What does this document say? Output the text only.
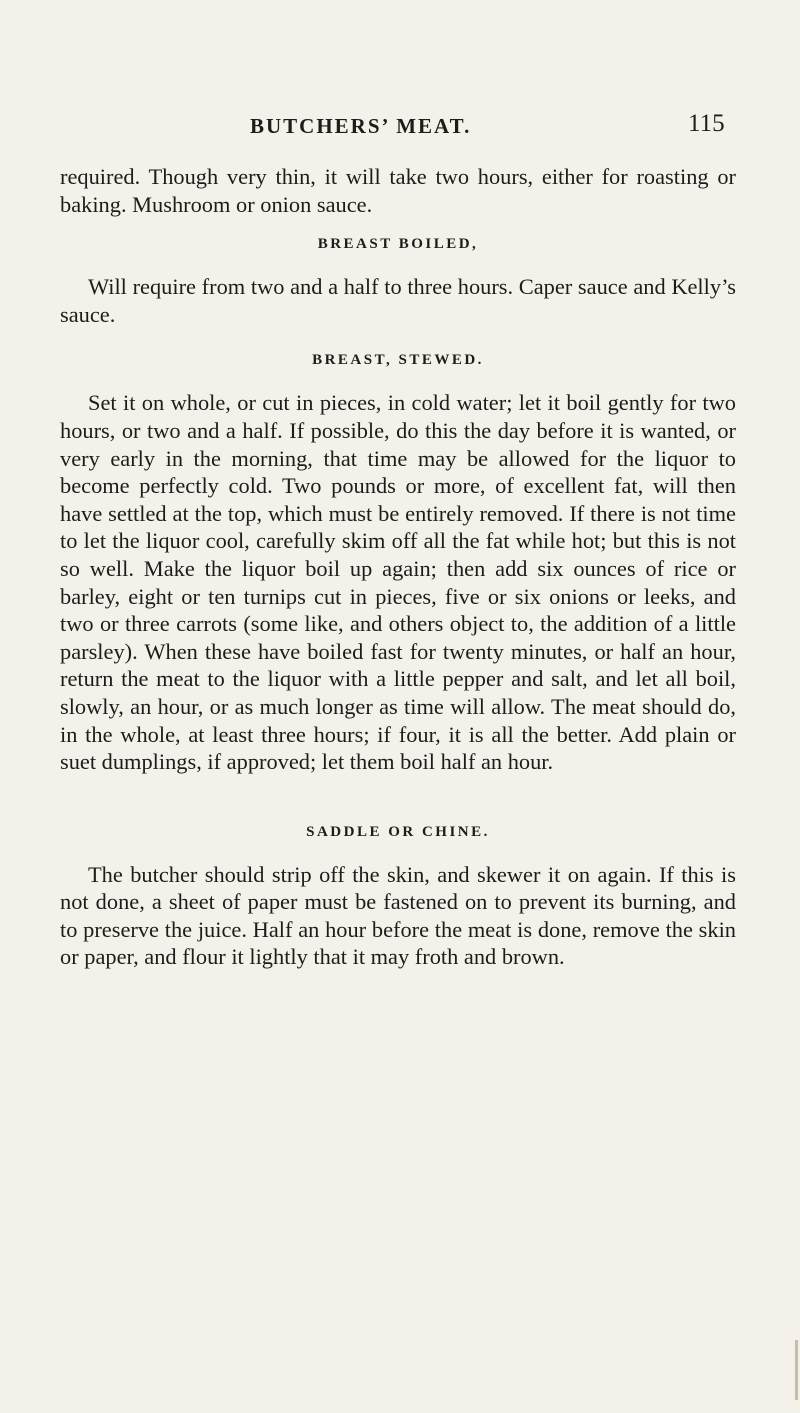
BUTCHERS’ MEAT.	115

required. Though very thin, it will take two hours, either for roasting or baking. Mushroom or onion sauce.

BREAST BOILED,

Will require from two and a half to three hours. Caper sauce and Kelly’s sauce.

BREAST, STEWED.

Set it on whole, or cut in pieces, in cold water; let it boil gently for two hours, or two and a half. If possible, do this the day before it is wanted, or very early in the morning, that time may be allowed for the liquor to become perfectly cold. Two pounds or more, of excellent fat, will then have settled at the top, which must be entirely removed. If there is not time to let the liquor cool, carefully skim off all the fat while hot; but this is not so well. Make the liquor boil up again; then add six ounces of rice or barley, eight or ten turnips cut in pieces, five or six onions or leeks, and two or three carrots (some like, and others object to, the addition of a little parsley). When these have boiled fast for twenty minutes, or half an hour, return the meat to the liquor with a little pepper and salt, and let all boil, slowly, an hour, or as much longer as time will allow. The meat should do, in the whole, at least three hours; if four, it is all the better. Add plain or suet dumplings, if approved; let them boil half an hour.

SADDLE OR CHINE.

The butcher should strip off the skin, and skewer it on again. If this is not done, a sheet of paper must be fastened on to prevent its burning, and to preserve the juice. Half an hour before the meat is done, remove the skin or paper, and flour it lightly that it may froth and brown.
